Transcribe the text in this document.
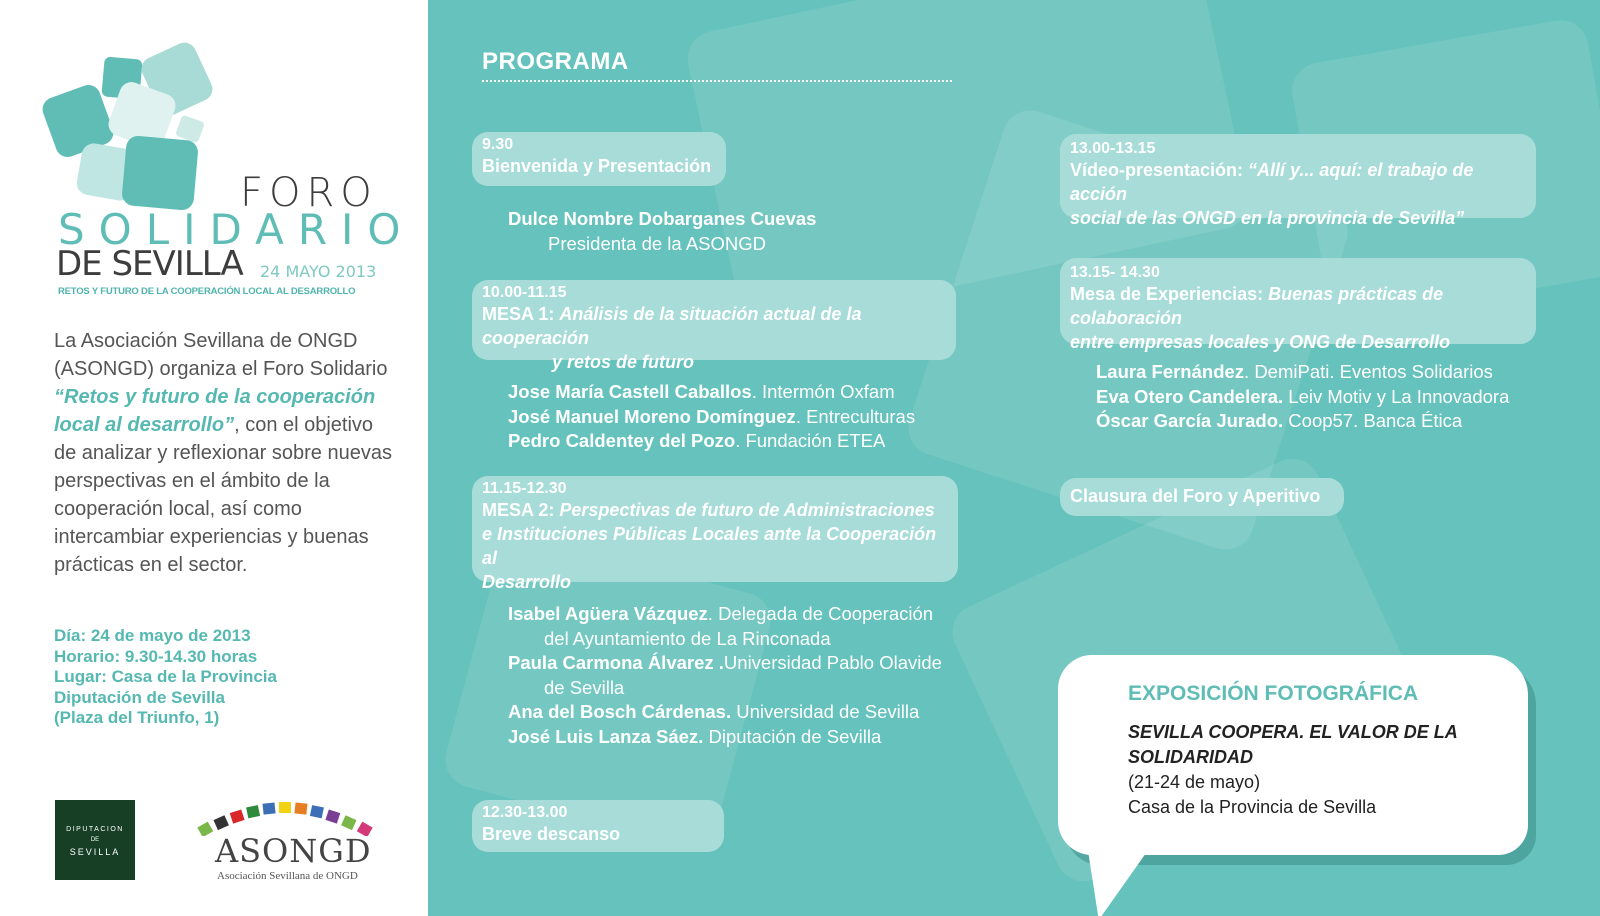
FORO
SOLIDARIO
DE SEVILLA 24 MAYO 2013
RETOS Y FUTURO DE LA COOPERACIÓN LOCAL AL DESARROLLO
La Asociación Sevillana de ONGD (ASONGD) organiza el Foro Solidario “Retos y futuro de la cooperación local al desarrollo”, con el objetivo de analizar y reflexionar sobre nuevas perspectivas en el ámbito de la cooperación local, así como intercambiar experiencias y buenas prácticas en el sector.
Día: 24 de mayo de 2013
Horario: 9.30-14.30 horas
Lugar: Casa de la Provincia
Diputación de Sevilla
(Plaza del Triunfo, 1)
DIPUTACION
DE
SEVILLA	ASONGD
Asociación Sevillana de ONGD
PROGRAMA
9.30
Bienvenida y Presentación
Dulce Nombre Dobarganes Cuevas
Presidenta de la ASONGD
10.00-11.15
MESA 1: Análisis de la situación actual de la cooperación
y retos de futuro
Jose María Castell Caballos. Intermón Oxfam
José Manuel Moreno Domínguez. Entreculturas
Pedro Caldentey del Pozo. Fundación ETEA
11.15-12.30
MESA 2: Perspectivas de futuro de Administraciones
e Instituciones Públicas Locales ante la Cooperación al
Desarrollo
Isabel Agüera Vázquez. Delegada de Cooperación
del Ayuntamiento de La Rinconada
Paula Carmona Álvarez .Universidad Pablo Olavide
de Sevilla
Ana del Bosch Cárdenas. Universidad de Sevilla
José Luis Lanza Sáez. Diputación de Sevilla
12.30-13.00
Breve descanso
13.00-13.15
Vídeo-presentación: “Allí y... aquí: el trabajo de acción
social de las ONGD en la provincia de Sevilla”
13.15- 14.30
Mesa de Experiencias: Buenas prácticas de colaboración
entre empresas locales y ONG de Desarrollo
Laura Fernández. DemiPati. Eventos Solidarios
Eva Otero Candelera. Leiv Motiv y La Innovadora
Óscar García Jurado. Coop57. Banca Ética
Clausura del Foro y Aperitivo
EXPOSICIÓN FOTOGRÁFICA
SEVILLA COOPERA. EL VALOR DE LA SOLIDARIDAD
(21-24 de mayo)
Casa de la Provincia de Sevilla
